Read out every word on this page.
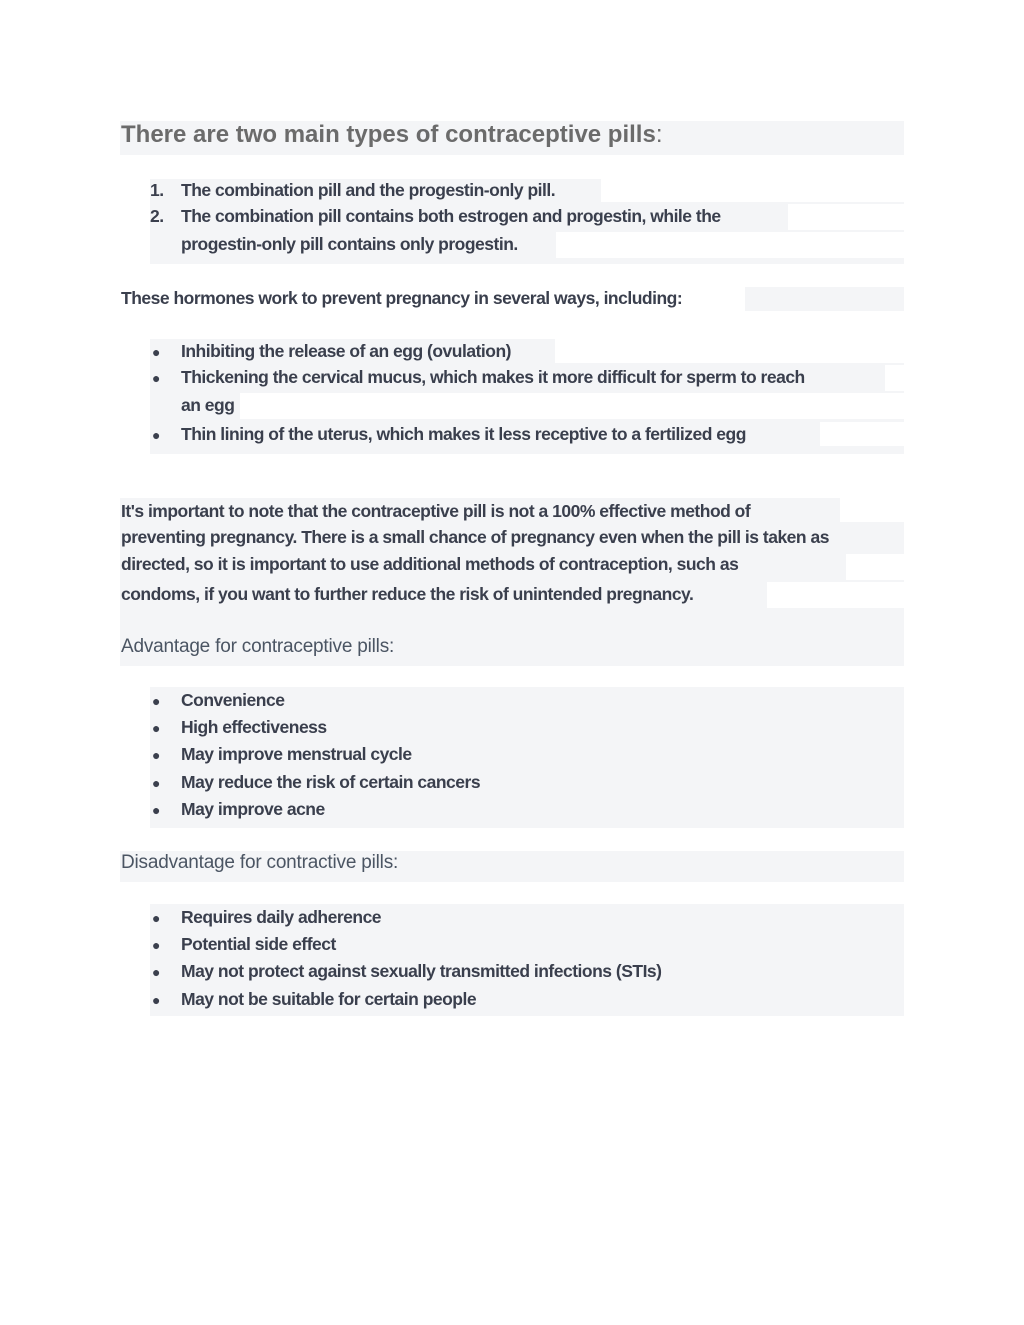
There are two main types of contraceptive pills:
1. The combination pill and the progestin-only pill.
2. The combination pill contains both estrogen and progestin, while the
progestin-only pill contains only progestin.
These hormones work to prevent pregnancy in several ways, including:
● Inhibiting the release of an egg (ovulation)
● Thickening the cervical mucus, which makes it more difficult for sperm to reach
an egg
● Thin lining of the uterus, which makes it less receptive to a fertilized egg
It's important to note that the contraceptive pill is not a 100% effective method of
preventing pregnancy. There is a small chance of pregnancy even when the pill is taken as
directed, so it is important to use additional methods of contraception, such as
condoms, if you want to further reduce the risk of unintended pregnancy.
Advantage for contraceptive pills:
● Convenience
● High effectiveness
● May improve menstrual cycle
● May reduce the risk of certain cancers
● May improve acne
Disadvantage for contractive pills:
● Requires daily adherence
● Potential side effect
● May not protect against sexually transmitted infections (STIs)
● May not be suitable for certain people
